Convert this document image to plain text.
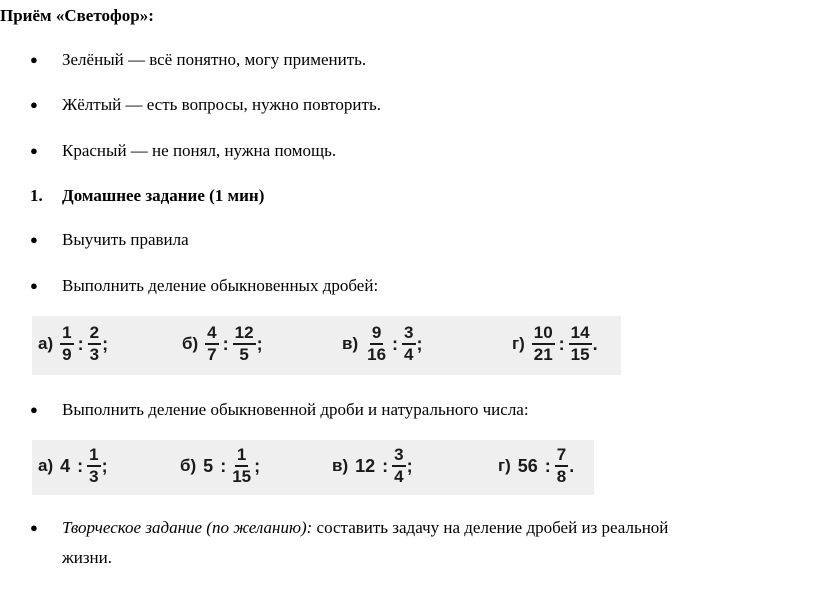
Приём «Светофор»:
● Зелёный — всё понятно, могу применить.
● Жёлтый — есть вопросы, нужно повторить.
● Красный — не понял, нужна помощь.
1. Домашнее задание (1 мин)
● Выучить правила
● Выполнить деление обыкновенных дробей:
$а) \frac{1}{9}$ : $\frac{2}{3}$ ;	$б) \frac{4}{7}$ : $\frac{12}{5}$ ;	$в) \frac{9}{16}$ : $\frac{3}{4}$ ;	$г) \frac{10}{21}$ : $\frac{14}{15}$ .
● Выполнить деление обыкновенной дроби и натурального числа:
а) 4 : $\frac{1}{3}$ ;	б) 5 : $\frac{1}{15}$ ;	в) 12 : $\frac{3}{4}$ ;	г) 56 : $\frac{7}{8}$ .
● Творческое задание (по желанию): составить задачу на деление дробей из реальной
жизни.
